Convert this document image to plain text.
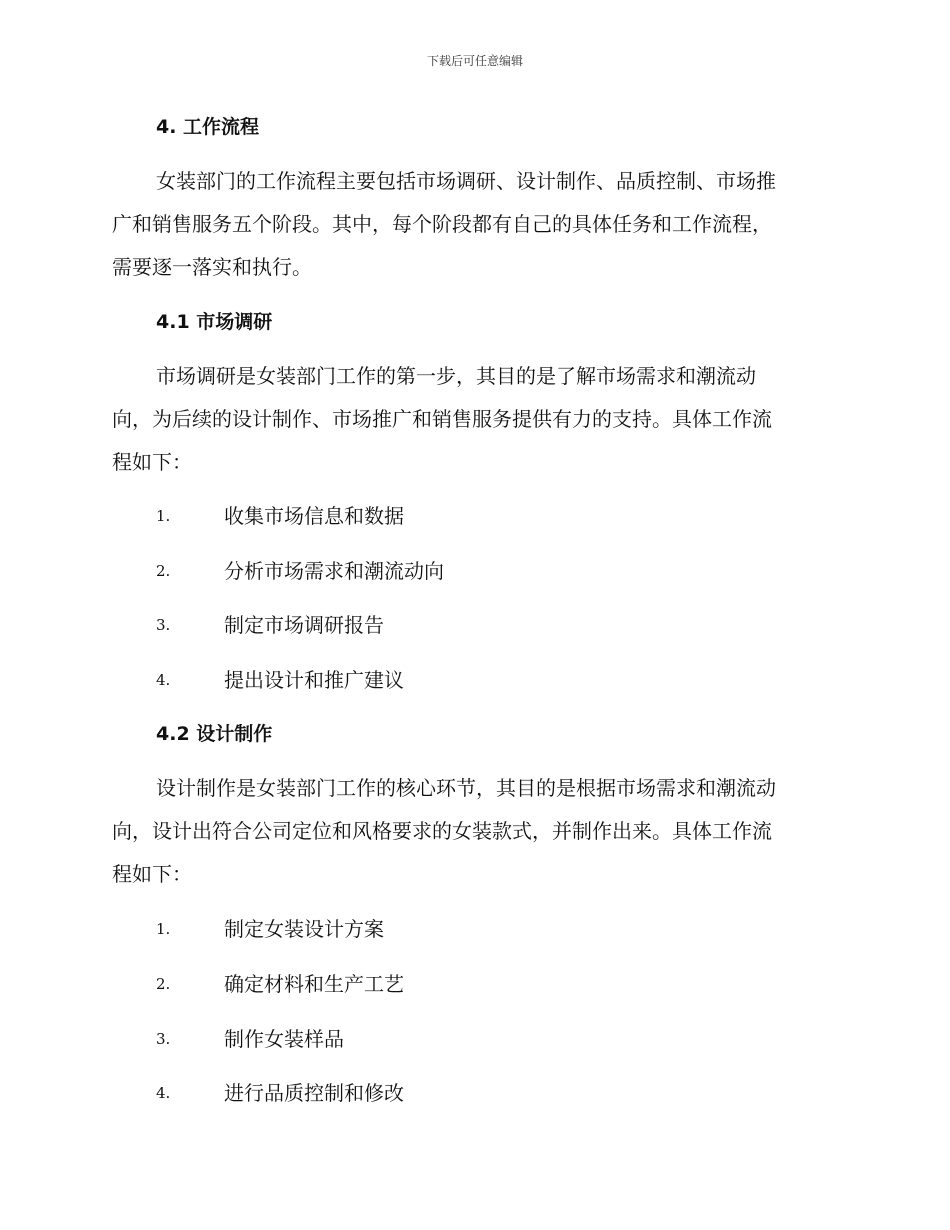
下载后可任意编辑
4. 工作流程
女装部门的工作流程主要包括市场调研、设计制作、品质控制、市场推
广和销售服务五个阶段。其中，每个阶段都有自己的具体任务和工作流程，
需要逐一落实和执行。
4.1 市场调研
市场调研是女装部门工作的第一步，其目的是了解市场需求和潮流动
向，为后续的设计制作、市场推广和销售服务提供有力的支持。具体工作流
程如下：
1.	收集市场信息和数据
2.	分析市场需求和潮流动向
3.	制定市场调研报告
4.	提出设计和推广建议
4.2 设计制作
设计制作是女装部门工作的核心环节，其目的是根据市场需求和潮流动
向，设计出符合公司定位和风格要求的女装款式，并制作出来。具体工作流
程如下：
1.	制定女装设计方案
2.	确定材料和生产工艺
3.	制作女装样品
4.	进行品质控制和修改
